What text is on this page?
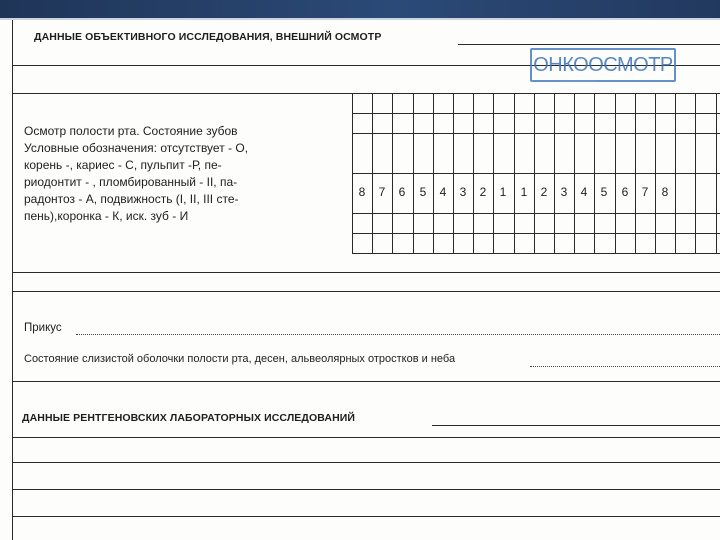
ДАННЫЕ ОБЪЕКТИВНОГО ИССЛЕДОВАНИЯ, ВНЕШНИЙ ОСМОТР
ОНКООСМОТР
Осмотр полости рта. Состояние зубов
Условные обозначения: отсутствует - О,
корень -, кариес - С, пульпит -Р, пе-
риодонтит - , пломбированный - II, па-
радонтоз - А, подвижность (I, II, III сте-
пень),коронка - К, иск. зуб - И
8	7	6	5	4	3	2	1	1	2	3	4	5	6	7	8
Прикус
Состояние слизистой оболочки полости рта, десен, альвеолярных отростков и неба
ДАННЫЕ РЕНТГЕНОВСКИХ ЛАБОРАТОРНЫХ ИССЛЕДОВАНИЙ
